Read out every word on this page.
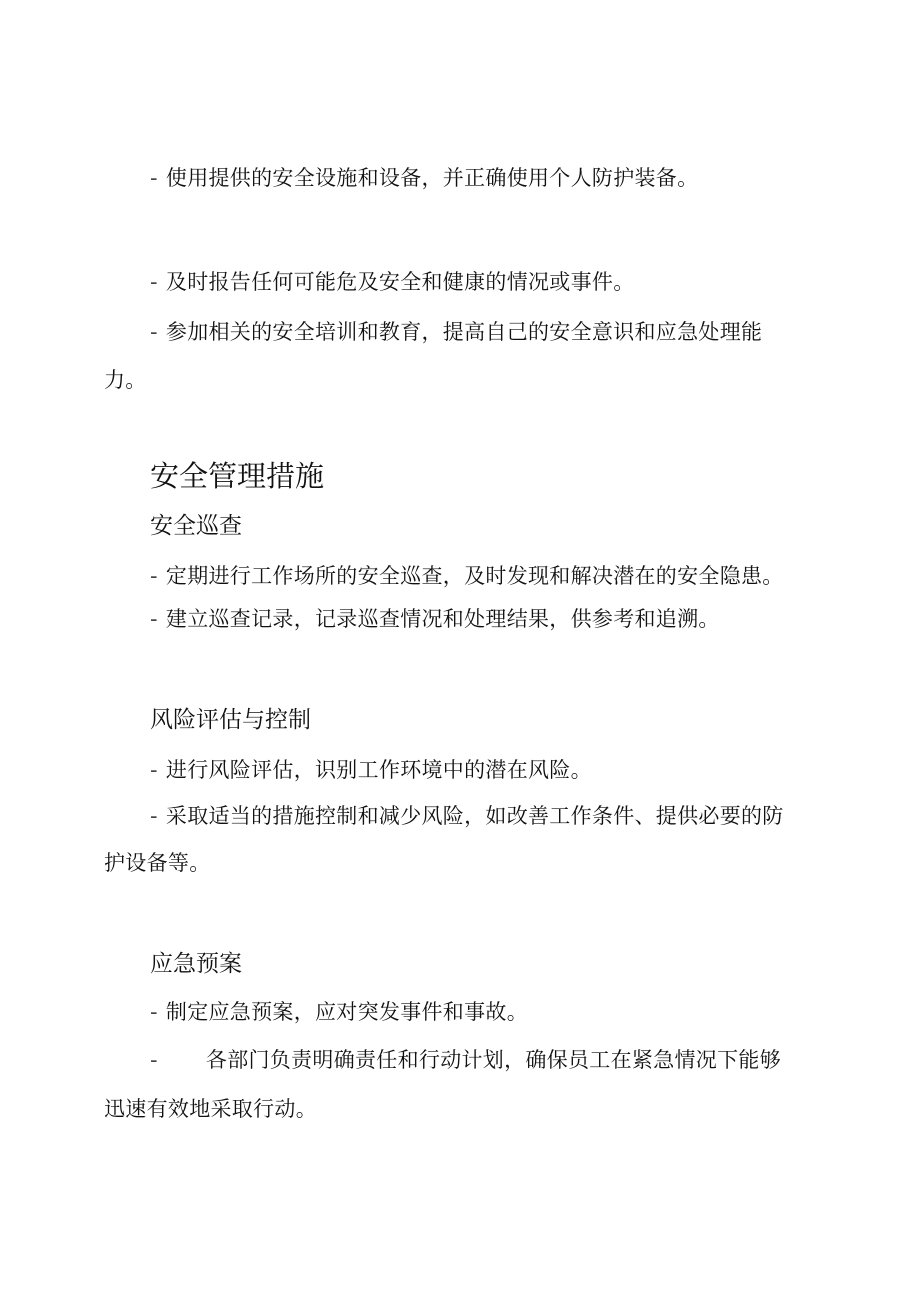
- 使用提供的安全设施和设备，并正确使用个人防护装备。

- 及时报告任何可能危及安全和健康的情况或事件。

- 参加相关的安全培训和教育，提高自己的安全意识和应急处理能

力。

安全管理措施
安全巡查

- 定期进行工作场所的安全巡查，及时发现和解决潜在的安全隐患。

- 建立巡查记录，记录巡查情况和处理结果，供参考和追溯。

风险评估与控制

- 进行风险评估，识别工作环境中的潜在风险。

- 采取适当的措施控制和减少风险，如改善工作条件、提供必要的防

护设备等。

应急预案

- 制定应急预案，应对突发事件和事故。

- 各部门负责明确责任和行动计划，确保员工在紧急情况下能够

迅速有效地采取行动。
